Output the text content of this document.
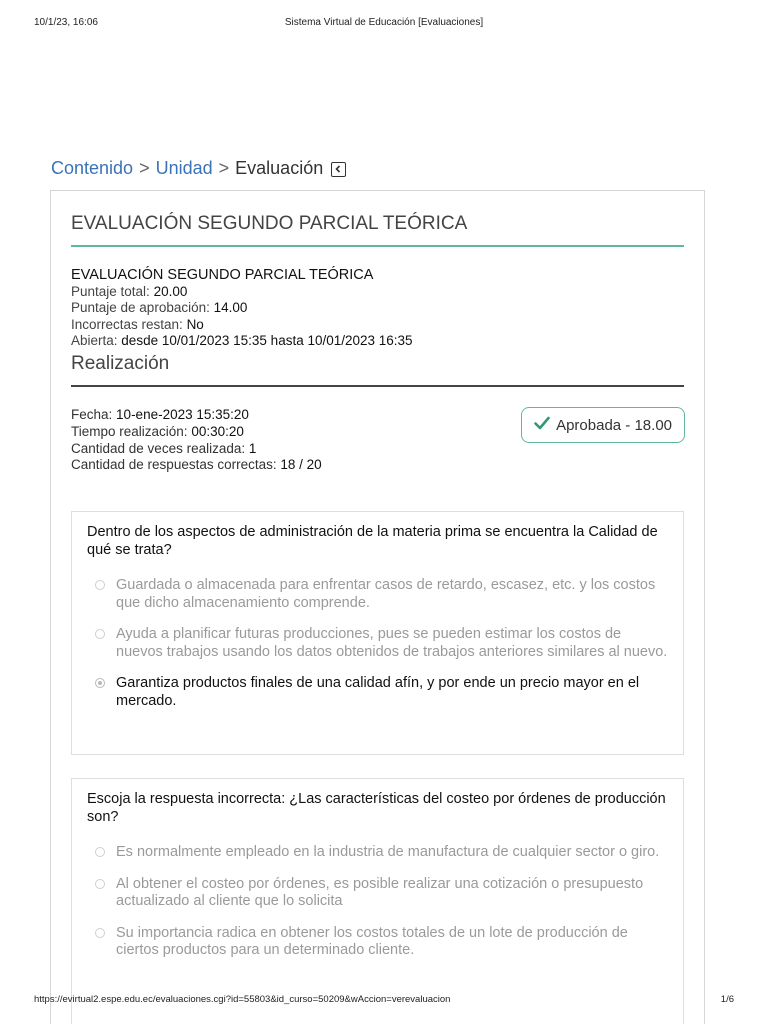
10/1/23, 16:06	Sistema Virtual de Educación [Evaluaciones]
Contenido > Unidad > Evaluación
EVALUACIÓN SEGUNDO PARCIAL TEÓRICA
EVALUACIÓN SEGUNDO PARCIAL TEÓRICA
Puntaje total: 20.00
Puntaje de aprobación: 14.00
Incorrectas restan: No
Abierta: desde 10/01/2023 15:35 hasta 10/01/2023 16:35
Realización
Fecha: 10-ene-2023 15:35:20
Tiempo realización: 00:30:20
Cantidad de veces realizada: 1
Cantidad de respuestas correctas: 18 / 20
Aprobada - 18.00
Dentro de los aspectos de administración de la materia prima se encuentra la Calidad de qué se trata?
Guardada o almacenada para enfrentar casos de retardo, escasez, etc. y los costos que dicho almacenamiento comprende.
Ayuda a planificar futuras producciones, pues se pueden estimar los costos de nuevos trabajos usando los datos obtenidos de trabajos anteriores similares al nuevo.
Garantiza productos finales de una calidad afín, y por ende un precio mayor en el mercado.
Escoja la respuesta incorrecta: ¿Las características del costeo por órdenes de producción son?
Es normalmente empleado en la industria de manufactura de cualquier sector o giro.
Al obtener el costeo por órdenes, es posible realizar una cotización o presupuesto actualizado al cliente que lo solicita
Su importancia radica en obtener los costos totales de un lote de producción de ciertos productos para un determinado cliente.
https://evirtual2.espe.edu.ec/evaluaciones.cgi?id=55803&id_curso=50209&wAccion=verevaluacion	1/6
